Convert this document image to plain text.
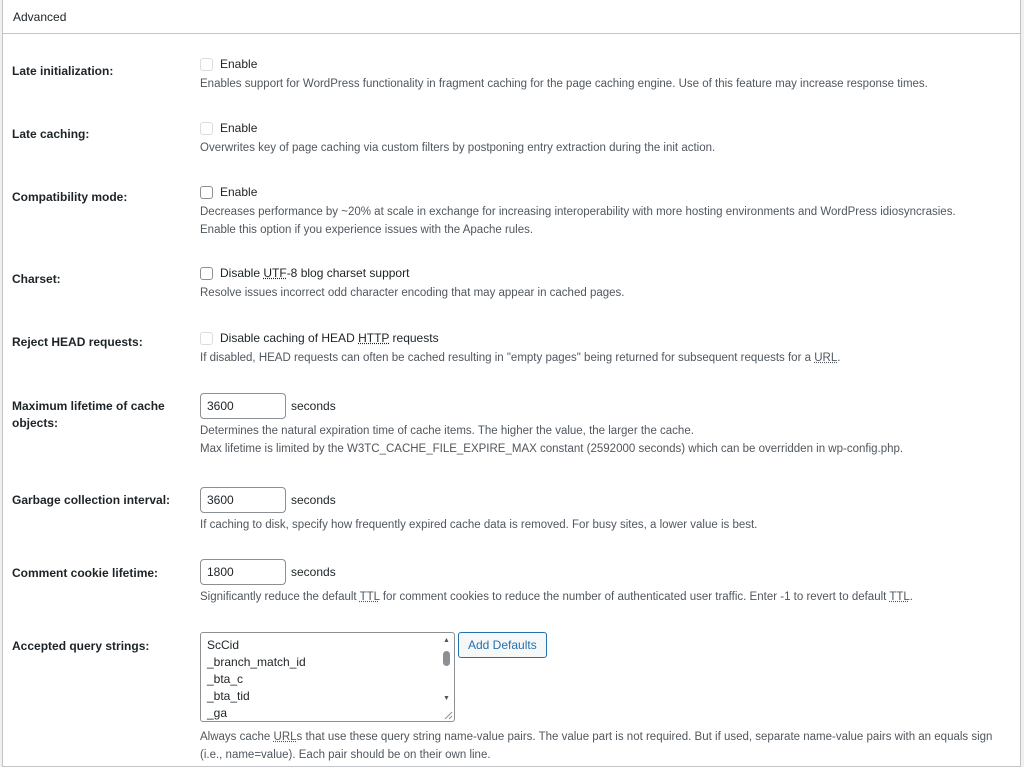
Advanced
Late initialization:	Enable
Enables support for WordPress functionality in fragment caching for the page caching engine. Use of this feature may increase response times.
Late caching:	Enable
Overwrites key of page caching via custom filters by postponing entry extraction during the init action.
Compatibility mode:	Enable
Decreases performance by ~20% at scale in exchange for increasing interoperability with more hosting environments and WordPress idiosyncrasies.
Enable this option if you experience issues with the Apache rules.
Charset:	Disable UTF-8 blog charset support
Resolve issues incorrect odd character encoding that may appear in cached pages.
Reject HEAD requests:	Disable caching of HEAD HTTP requests
If disabled, HEAD requests can often be cached resulting in "empty pages" being returned for subsequent requests for a URL.
Maximum lifetime of cache objects:
3600	seconds
Determines the natural expiration time of cache items. The higher the value, the larger the cache.
Max lifetime is limited by the W3TC_CACHE_FILE_EXPIRE_MAX constant (2592000 seconds) which can be overridden in wp-config.php.
Garbage collection interval:	3600	seconds
If caching to disk, specify how frequently expired cache data is removed. For busy sites, a lower value is best.
Comment cookie lifetime:	1800	seconds
Significantly reduce the default TTL for comment cookies to reduce the number of authenticated user traffic. Enter -1 to revert to default TTL.
Accepted query strings:	ScCid
_branch_match_id
_bta_c
_bta_tid
_ga
▲
▼
Add Defaults
Always cache URLs that use these query string name-value pairs. The value part is not required. But if used, separate name-value pairs with an equals sign
(i.e., name=value). Each pair should be on their own line.
